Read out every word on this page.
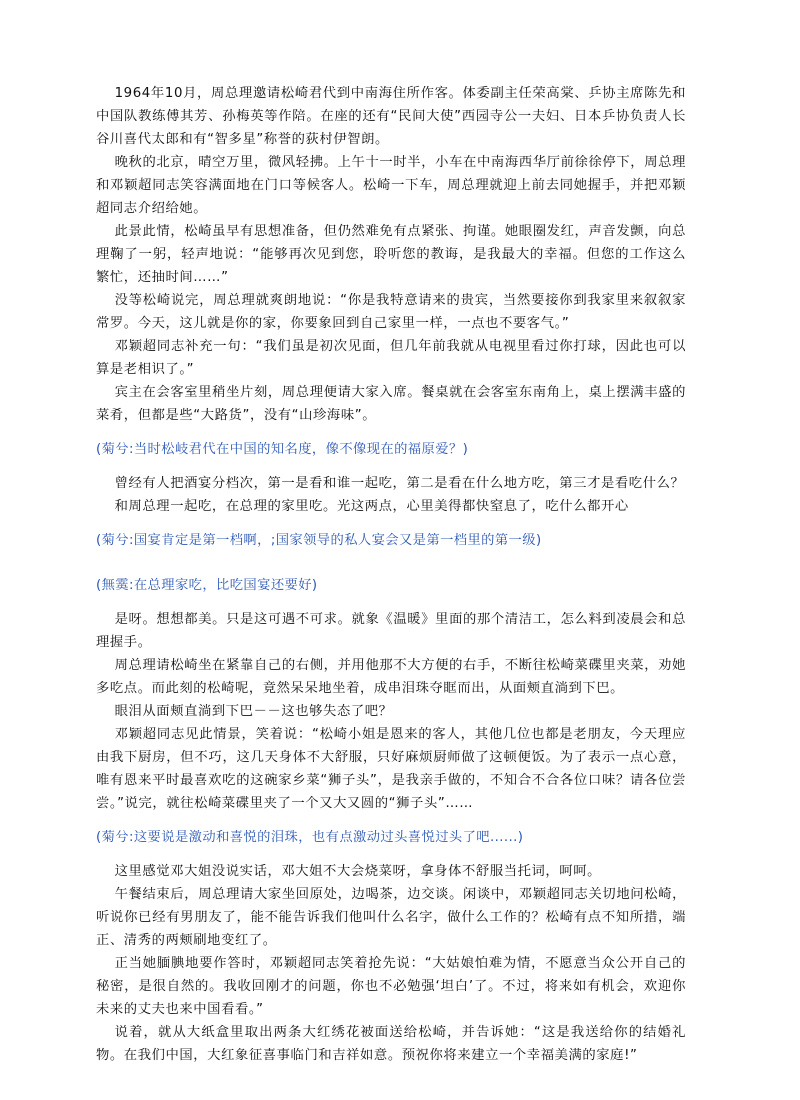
1964年10月，周总理邀请松崎君代到中南海住所作客。体委副主任荣高棠、乒协主席陈先和中国队教练傅其芳、孙梅英等作陪。在座的还有“民间大使”西园寺公一夫妇、日本乒协负责人长谷川喜代太郎和有“智多星”称誉的荻村伊智朗。

晚秋的北京，晴空万里，微风轻拂。上午十一时半，小车在中南海西华厅前徐徐停下，周总理和邓颖超同志笑容满面地在门口等候客人。松崎一下车，周总理就迎上前去同她握手，并把邓颖超同志介绍给她。

此景此情，松崎虽早有思想准备，但仍然难免有点紧张、拘谨。她眼圈发红，声音发颤，向总理鞠了一躬，轻声地说：“能够再次见到您，聆听您的教诲，是我最大的幸福。但您的工作这么繁忙，还抽时间……”

没等松崎说完，周总理就爽朗地说：“你是我特意请来的贵宾，当然要接你到我家里来叙叙家常罗。今天，这儿就是你的家，你要象回到自己家里一样，一点也不要客气。”

邓颖超同志补充一句：“我们虽是初次见面，但几年前我就从电视里看过你打球，因此也可以算是老相识了。”

宾主在会客室里稍坐片刻，周总理便请大家入席。餐桌就在会客室东南角上，桌上摆满丰盛的菜肴，但都是些“大路货”，没有“山珍海味”。

(菊兮:当时松岐君代在中国的知名度，像不像现在的福原爱？)

曾经有人把酒宴分档次，第一是看和谁一起吃，第二是看在什么地方吃，第三才是看吃什么？

和周总理一起吃，在总理的家里吃。光这两点，心里美得都快窒息了，吃什么都开心

(菊兮:国宴肯定是第一档啊，;国家领导的私人宴会又是第一档里的第一级)

(無霙:在总理家吃，比吃国宴还要好)

是呀。想想都美。只是这可遇不可求。就象《温暖》里面的那个清洁工，怎么料到凌晨会和总理握手。

周总理请松崎坐在紧靠自己的右侧，并用他那不大方便的右手，不断往松崎菜碟里夹菜，劝她多吃点。而此刻的松崎呢，竟然呆呆地坐着，成串泪珠夺眶而出，从面颊直淌到下巴。

眼泪从面颊直淌到下巴－－这也够失态了吧？

邓颖超同志见此情景，笑着说：“松崎小姐是恩来的客人，其他几位也都是老朋友，今天理应由我下厨房，但不巧，这几天身体不大舒服，只好麻烦厨师做了这顿便饭。为了表示一点心意，唯有恩来平时最喜欢吃的这碗家乡菜“狮子头”，是我亲手做的，不知合不合各位口味？请各位尝尝。”说完，就往松崎菜碟里夹了一个又大又圆的“狮子头”……

(菊兮:这要说是激动和喜悦的泪珠，也有点激动过头喜悦过头了吧......)

这里感觉邓大姐没说实话，邓大姐不大会烧菜呀，拿身体不舒服当托词，呵呵。

午餐结束后，周总理请大家坐回原处，边喝茶，边交谈。闲谈中，邓颖超同志关切地问松崎，听说你已经有男朋友了，能不能告诉我们他叫什么名字，做什么工作的？松崎有点不知所措，端正、清秀的两颊刷地变红了。

正当她腼腆地要作答时，邓颖超同志笑着抢先说：“大姑娘怕难为情，不愿意当众公开自己的秘密，是很自然的。我收回刚才的问题，你也不必勉强‘坦白’了。不过，将来如有机会，欢迎你未来的丈夫也来中国看看。”

说着，就从大纸盒里取出两条大红绣花被面送给松崎，并告诉她：“这是我送给你的结婚礼物。在我们中国，大红象征喜事临门和吉祥如意。预祝你将来建立一个幸福美满的家庭!”
